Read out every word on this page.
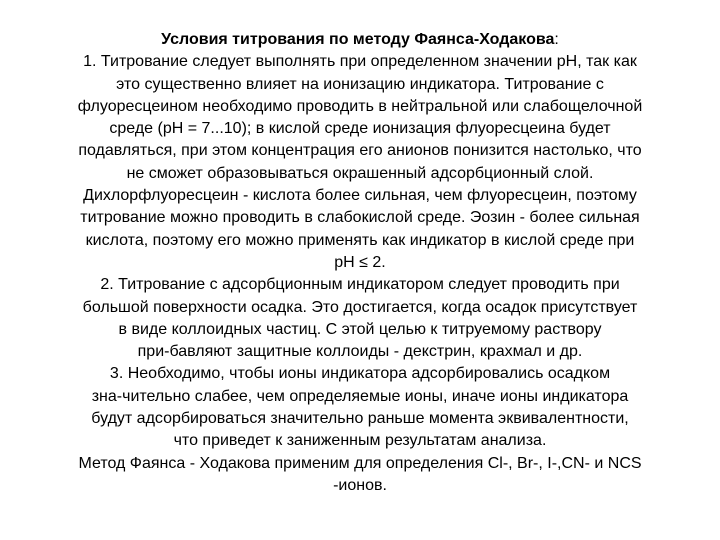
Условия титрования по методу Фаянса-Ходакова:
1. Титрование следует выполнять при определенном значении pH, так как
это существенно влияет на ионизацию индикатора. Титрование с
флуоресцеином необходимо проводить в нейтральной или слабощелочной
среде (pH = 7...10); в кислой среде ионизация флуоресцеина будет
подавляться, при этом концентрация его анионов понизится настолько, что
не сможет образовываться окрашенный адсорбционный слой.
Дихлорфлуоресцеин - кислота более сильная, чем флуоресцеин, поэтому
титрование можно проводить в слабокислой среде. Эозин - более сильная
кислота, поэтому его можно применять как индикатор в кислой среде при
pH ≤ 2.
2. Титрование с адсорбционным индикатором следует проводить при
большой поверхности осадка. Это достигается, когда осадок присутствует
в виде коллоидных частиц. С этой целью к титруемому раствору
при-бавляют защитные коллоиды - декстрин, крахмал и др.
3. Необходимо, чтобы ионы индикатора адсорбировались осадком
зна-чительно слабее, чем определяемые ионы, иначе ионы индикатора
будут адсорбироваться значительно раньше момента эквивалентности,
что приведет к заниженным результатам анализа.
Метод Фаянса - Ходакова применим для определения Cl-, Br-, I-,CN- и NCS
-ионов.
